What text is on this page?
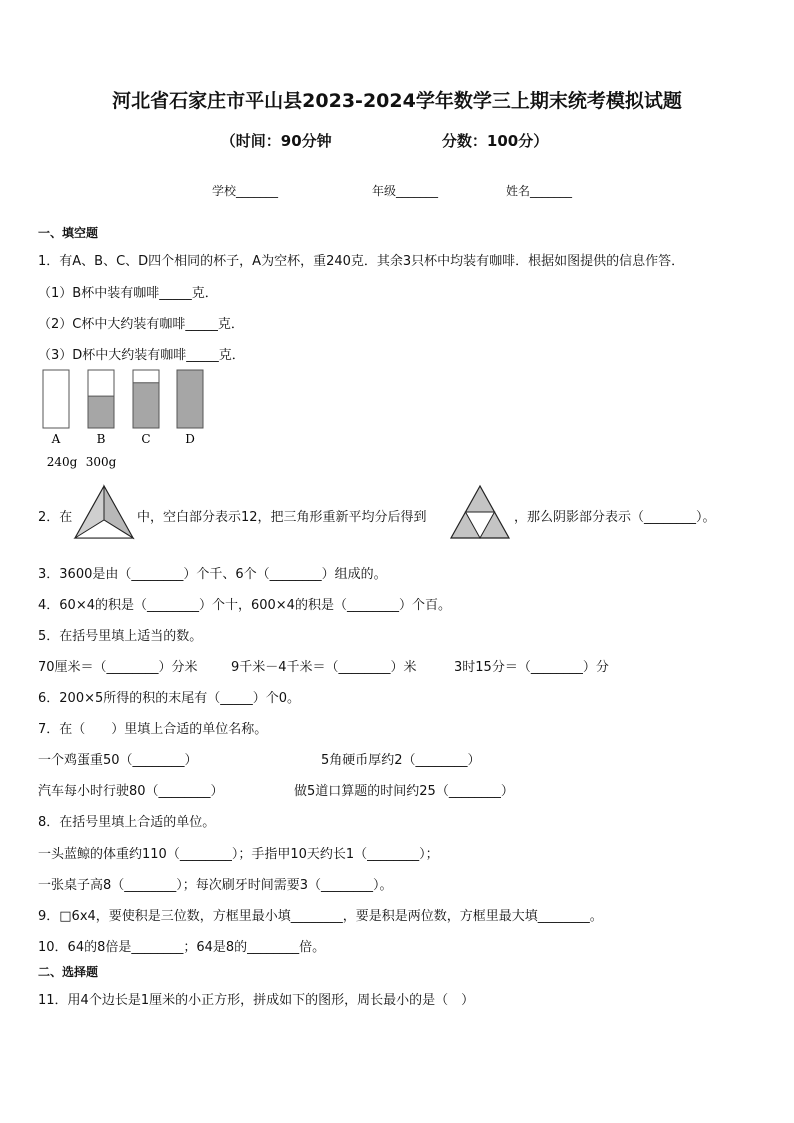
河北省石家庄市平山县2023-2024学年数学三上期末统考模拟试题
（时间：90分钟	分数：100分）
学校_______	年级_______	姓名_______
一、填空题
1．有A、B、C、D四个相同的杯子，A为空杯，重240克．其余3只杯中均装有咖啡．根据如图提供的信息作答．
（1）B杯中装有咖啡_____克．
（2）C杯中大约装有咖啡_____克．
（3）D杯中大约装有咖啡_____克．
A	B	C	D
240g 300g
2．在	中，空白部分表示12，把三角形重新平均分后得到	，那么阴影部分表示（________）。
3．3600是由（________）个千、6个（________）组成的。
4．60×4的积是（________）个十，600×4的积是（________）个百。
5．在括号里填上适当的数。
70厘米＝（________）分米	9千米－4千米＝（________）米	3时15分＝（________）分
6．200×5所得的积的末尾有（_____）个0。
7．在（　　）里填上合适的单位名称。
一个鸡蛋重50（________）	5角硬币厚约2（________）
汽车每小时行驶80（________）	做5道口算题的时间约25（________）
8．在括号里填上合适的单位。
一头蓝鲸的体重约110（________）；手指甲10天约长1（________）；
一张桌子高8（________）；每次刷牙时间需要3（________）。
9．□6x4，要使积是三位数，方框里最小填________，要是积是两位数，方框里最大填________。
10．64的8倍是________；64是8的________倍。
二、选择题
11．用4个边长是1厘米的小正方形，拼成如下的图形，周长最小的是（　）
